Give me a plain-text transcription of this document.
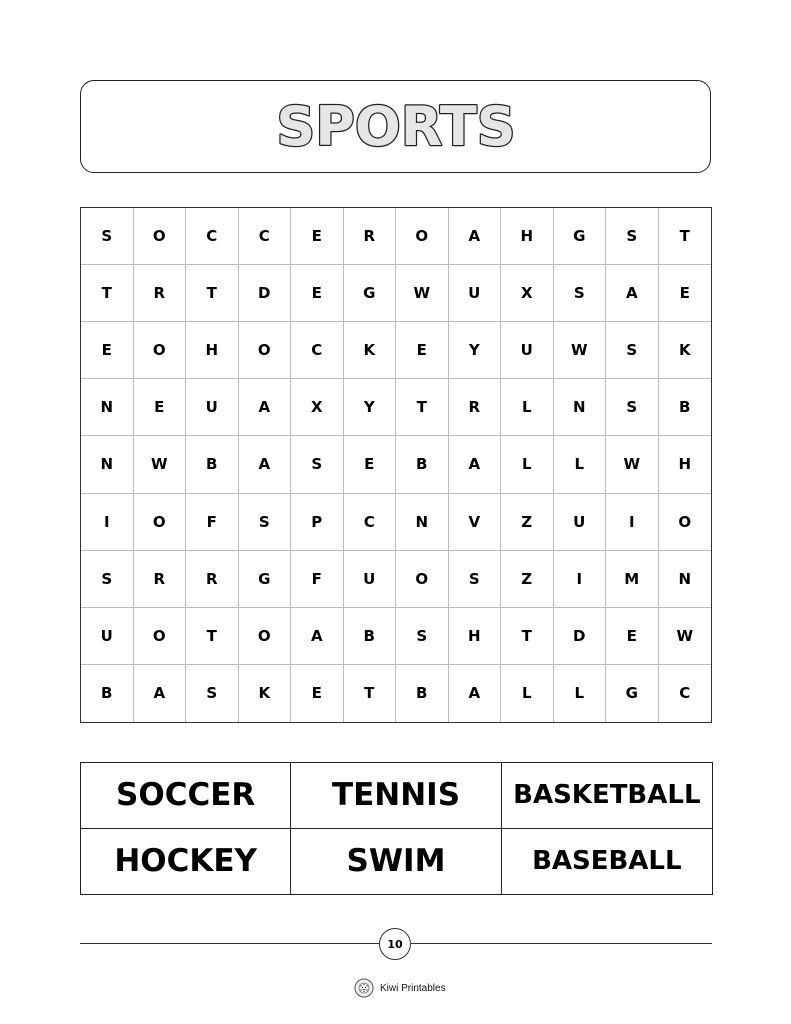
SPORTS
S	O	C	C	E	R	O	A	H	G	S	T
T	R	T	D	E	G	W	U	X	S	A	E
E	O	H	O	C	K	E	Y	U	W	S	K
N	E	U	A	X	Y	T	R	L	N	S	B
N	W	B	A	S	E	B	A	L	L	W	H
I	O	F	S	P	C	N	V	Z	U	I	O
S	R	R	G	F	U	O	S	Z	I	M	N
U	O	T	O	A	B	S	H	T	D	E	W
B	A	S	K	E	T	B	A	L	L	G	C
SOCCER	TENNIS	BASKETBALL
HOCKEY	SWIM	BASEBALL
10
Kiwi Printables
